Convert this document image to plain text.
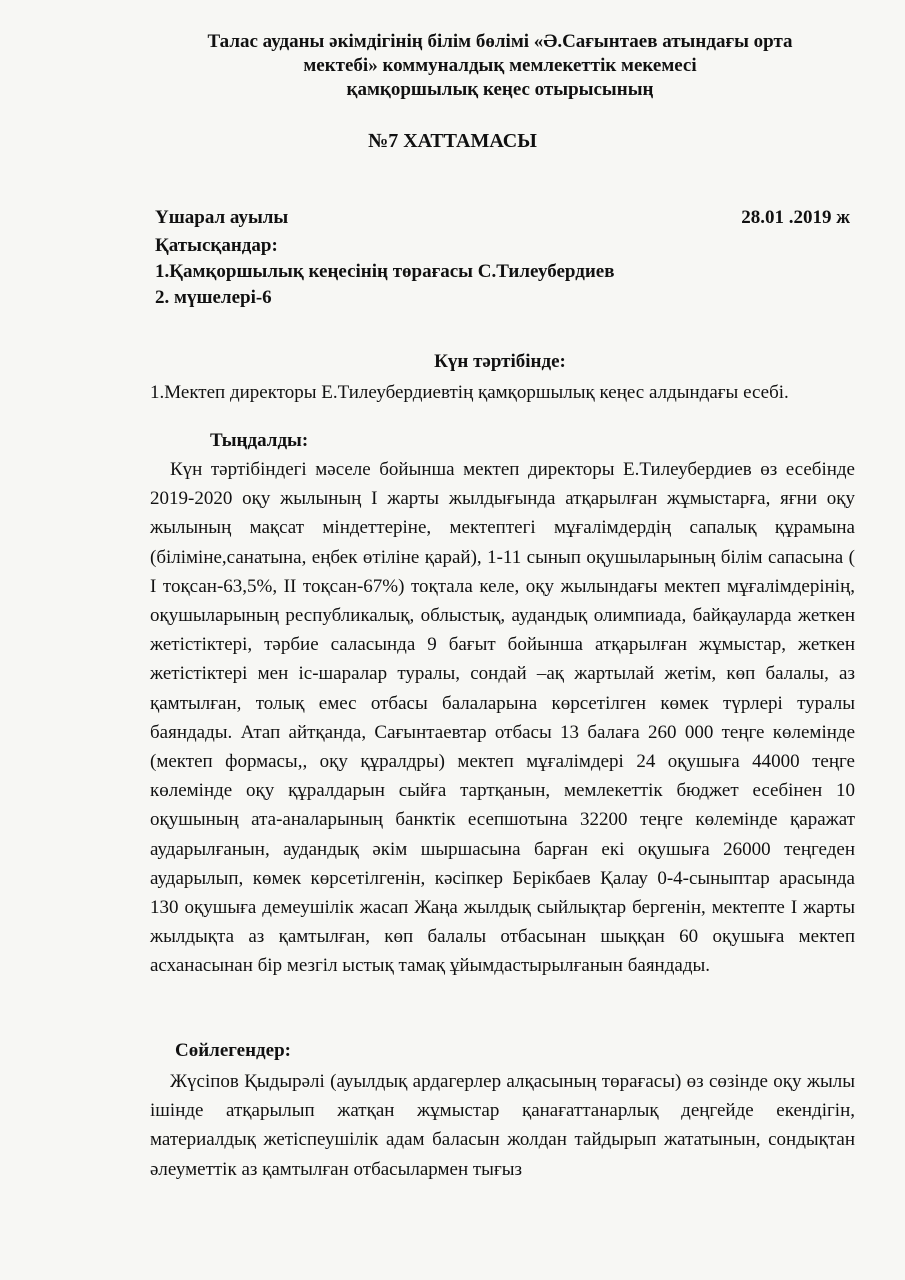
Талас ауданы әкімдігінің білім бөлімі «Ә.Сағынтаев атындағы орта
мектебі» коммуналдық мемлекеттік мекемесі
қамқоршылық кеңес отырысының
№7 ХАТТАМАСЫ
Үшарал ауылы	28.01 .2019 ж
Қатысқандар:
1.Қамқоршылық кеңесінің төрағасы С.Тилеубердиев
2. мүшелері-6
Күн тәртібінде:
1.Мектеп директоры Е.Тилеубердиевтің қамқоршылық кеңес алдындағы есебі.
Тыңдалды:
Күн тәртібіндегі мәселе бойынша мектеп директоры Е.Тилеубердиев өз есебінде 2019-2020 оқу жылының І жарты жылдығында атқарылған жұмыстарға, яғни оқу жылының мақсат міндеттеріне, мектептегі мұғалімдердің сапалық құрамына (біліміне,санатына, еңбек өтіліне қарай), 1-11 сынып оқушыларының білім сапасына ( І тоқсан-63,5%, ІІ тоқсан-67%) тоқтала келе, оқу жылындағы мектеп мұғалімдерінің, оқушыларының республикалық, облыстық, аудандық олимпиада, байқауларда жеткен жетістіктері, тәрбие саласында 9 бағыт бойынша атқарылған жұмыстар, жеткен жетістіктері мен іс-шаралар туралы, сондай –ақ жартылай жетім, көп балалы, аз қамтылған, толық емес отбасы балаларына көрсетілген көмек түрлері туралы баяндады. Атап айтқанда, Сағынтаевтар отбасы 13 балаға 260 000 теңге көлемінде (мектеп формасы,, оқу құралдры) мектеп мұғалімдері 24 оқушыға 44000 теңге көлемінде оқу құралдарын сыйға тартқанын, мемлекеттік бюджет есебінен 10 оқушының ата-аналарының банктік есепшотына 32200 теңге көлемінде қаражат аударылғанын, аудандық әкім шыршасына барған екі оқушыға 26000 теңгеден аударылып, көмек көрсетілгенін, кәсіпкер Берікбаев Қалау 0-4-сыныптар арасында 130 оқушыға демеушілік жасап Жаңа жылдық сыйлықтар бергенін, мектепте І жарты жылдықта аз қамтылған, көп балалы отбасынан шыққан 60 оқушыға мектеп асханасынан бір мезгіл ыстық тамақ ұйымдастырылғанын баяндады.
Сөйлегендер:
Жүсіпов Қыдырәлі (ауылдық ардагерлер алқасының төрағасы) өз сөзінде оқу жылы ішінде атқарылып жатқан жұмыстар қанағаттанарлық деңгейде екендігін, материалдық жетіспеушілік адам баласын жолдан тайдырып жататынын, сондықтан әлеуметтік аз қамтылған отбасылармен тығыз
